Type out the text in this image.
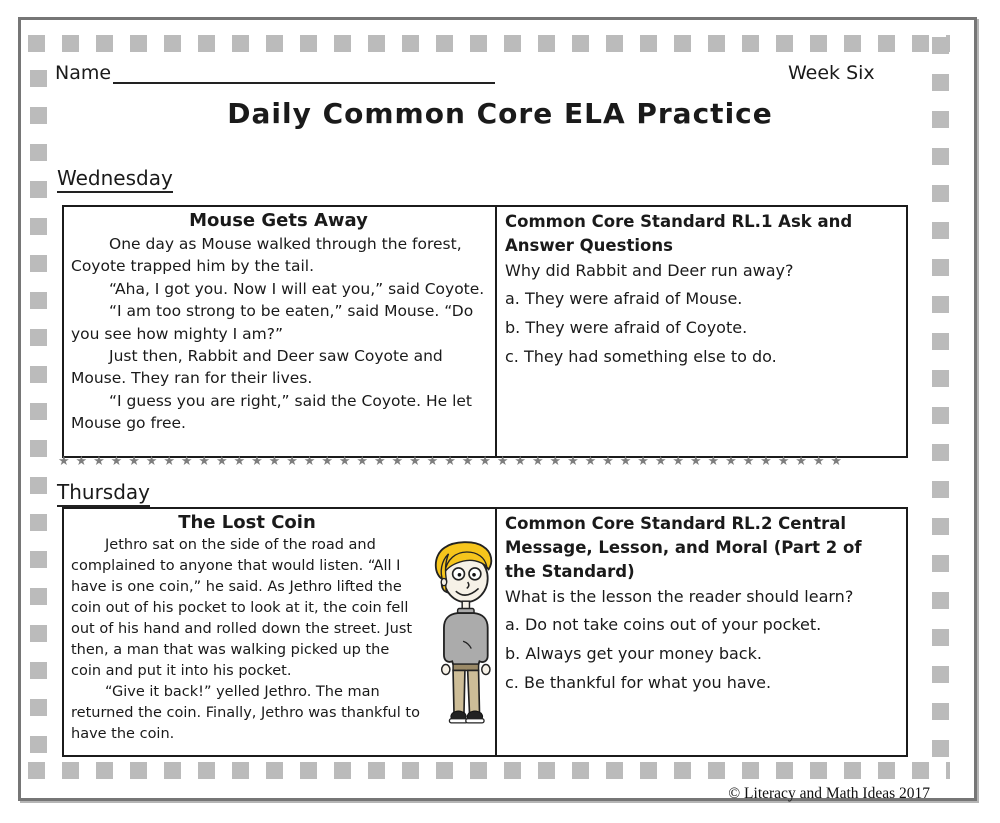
Name	Week Six
Daily Common Core ELA Practice
Wednesday
Mouse Gets Away
One day as Mouse walked through the forest, Coyote trapped him by the tail.
“Aha, I got you. Now I will eat you,” said Coyote.
“I am too strong to be eaten,” said Mouse. “Do you see how mighty I am?”
Just then, Rabbit and Deer saw Coyote and Mouse. They ran for their lives.
“I guess you are right,” said the Coyote. He let Mouse go free.
Common Core Standard RL.1 Ask and Answer Questions
Why did Rabbit and Deer run away?
a. They were afraid of Mouse.
b. They were afraid of Coyote.
c. They had something else to do.
★★★★★★★★★★★★★★★★★★★★★★★★★★★★★★★★★★★★★★★★★★★★★
Thursday
The Lost Coin
Jethro sat on the side of the road and complained to anyone that would listen. “All I have is one coin,” he said. As Jethro lifted the coin out of his pocket to look at it, the coin fell out of his hand and rolled down the street. Just then, a man that was walking picked up the coin and put it into his pocket.
“Give it back!” yelled Jethro. The man returned the coin. Finally, Jethro was thankful to have the coin.
Common Core Standard RL.2 Central Message, Lesson, and Moral (Part 2 of the Standard)
What is the lesson the reader should learn?
a. Do not take coins out of your pocket.
b. Always get your money back.
c. Be thankful for what you have.
© Literacy and Math Ideas 2017
